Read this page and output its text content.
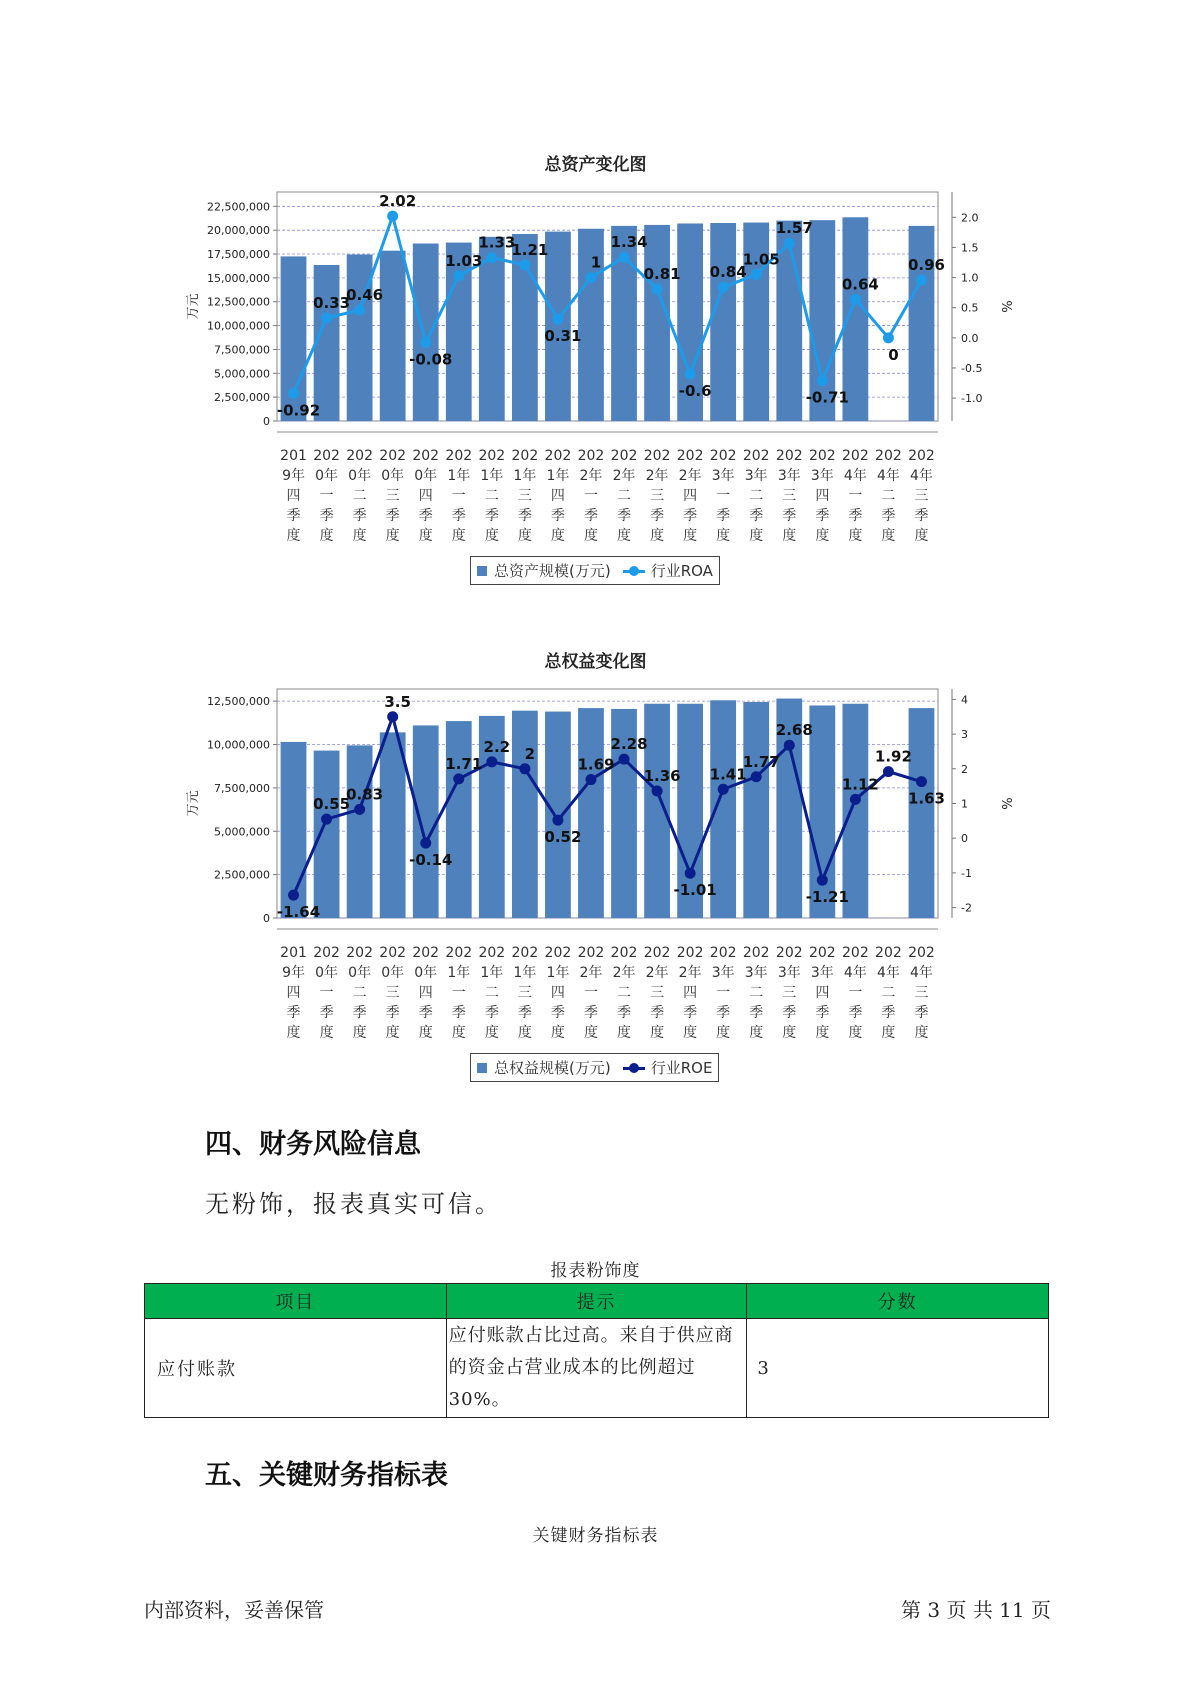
总资产变化图
0
2,500,000
5,000,000
7,500,000
10,000,000
12,500,000
15,000,000
17,500,000
20,000,000
22,500,000
万元
-1.0
-0.5
0.0
0.5
1.0
1.5
2.0
%
-0.92
0.33
0.46
2.02
-0.08
1.03
1.33
1.21
0.31
1
1.34
0.81
-0.6
0.84
1.05
1.57
-0.71
0.64
0
0.96
201 9年四季度
202 0年一季度
202 0年二季度
202 0年三季度
202 0年四季度
202 1年一季度
202 1年二季度
202 1年三季度
202 1年四季度
202 2年一季度
202 2年二季度
202 2年三季度
202 2年四季度
202 3年一季度
202 3年二季度
202 3年三季度
202 3年四季度
202 4年一季度
202 4年二季度
202 4年三季度
总资产规模(万元)	行业ROA
总权益变化图
0
2,500,000
5,000,000
7,500,000
10,000,000
12,500,000
万元
-2
-1
0
1
2
3
4
%
-1.64
0.55
0.83
3.5
-0.14
1.71
2.2 2
0.52
1.69
2.28
1.36
-1.01
1.41
1.77
2.68
-1.21
1.12
1.92
1.63
201 9年四季度
202 0年一季度
202 0年二季度
202 0年三季度
202 0年四季度
202 1年一季度
202 1年二季度
202 1年三季度
202 1年四季度
202 2年一季度
202 2年二季度
202 2年三季度
202 2年四季度
202 3年一季度
202 3年二季度
202 3年三季度
202 3年四季度
202 4年一季度
202 4年二季度
202 4年三季度
总权益规模(万元)	行业ROE
四、财务风险信息

无粉饰，报表真实可信。

报表粉饰度
项目	提示	分数
应付账款	应付账款占比过高。来自于供应商的资金占营业成本的比例超过30%。	3
五、关键财务指标表
关键财务指标表
内部资料，妥善保管	第 3 页 共 11 页
